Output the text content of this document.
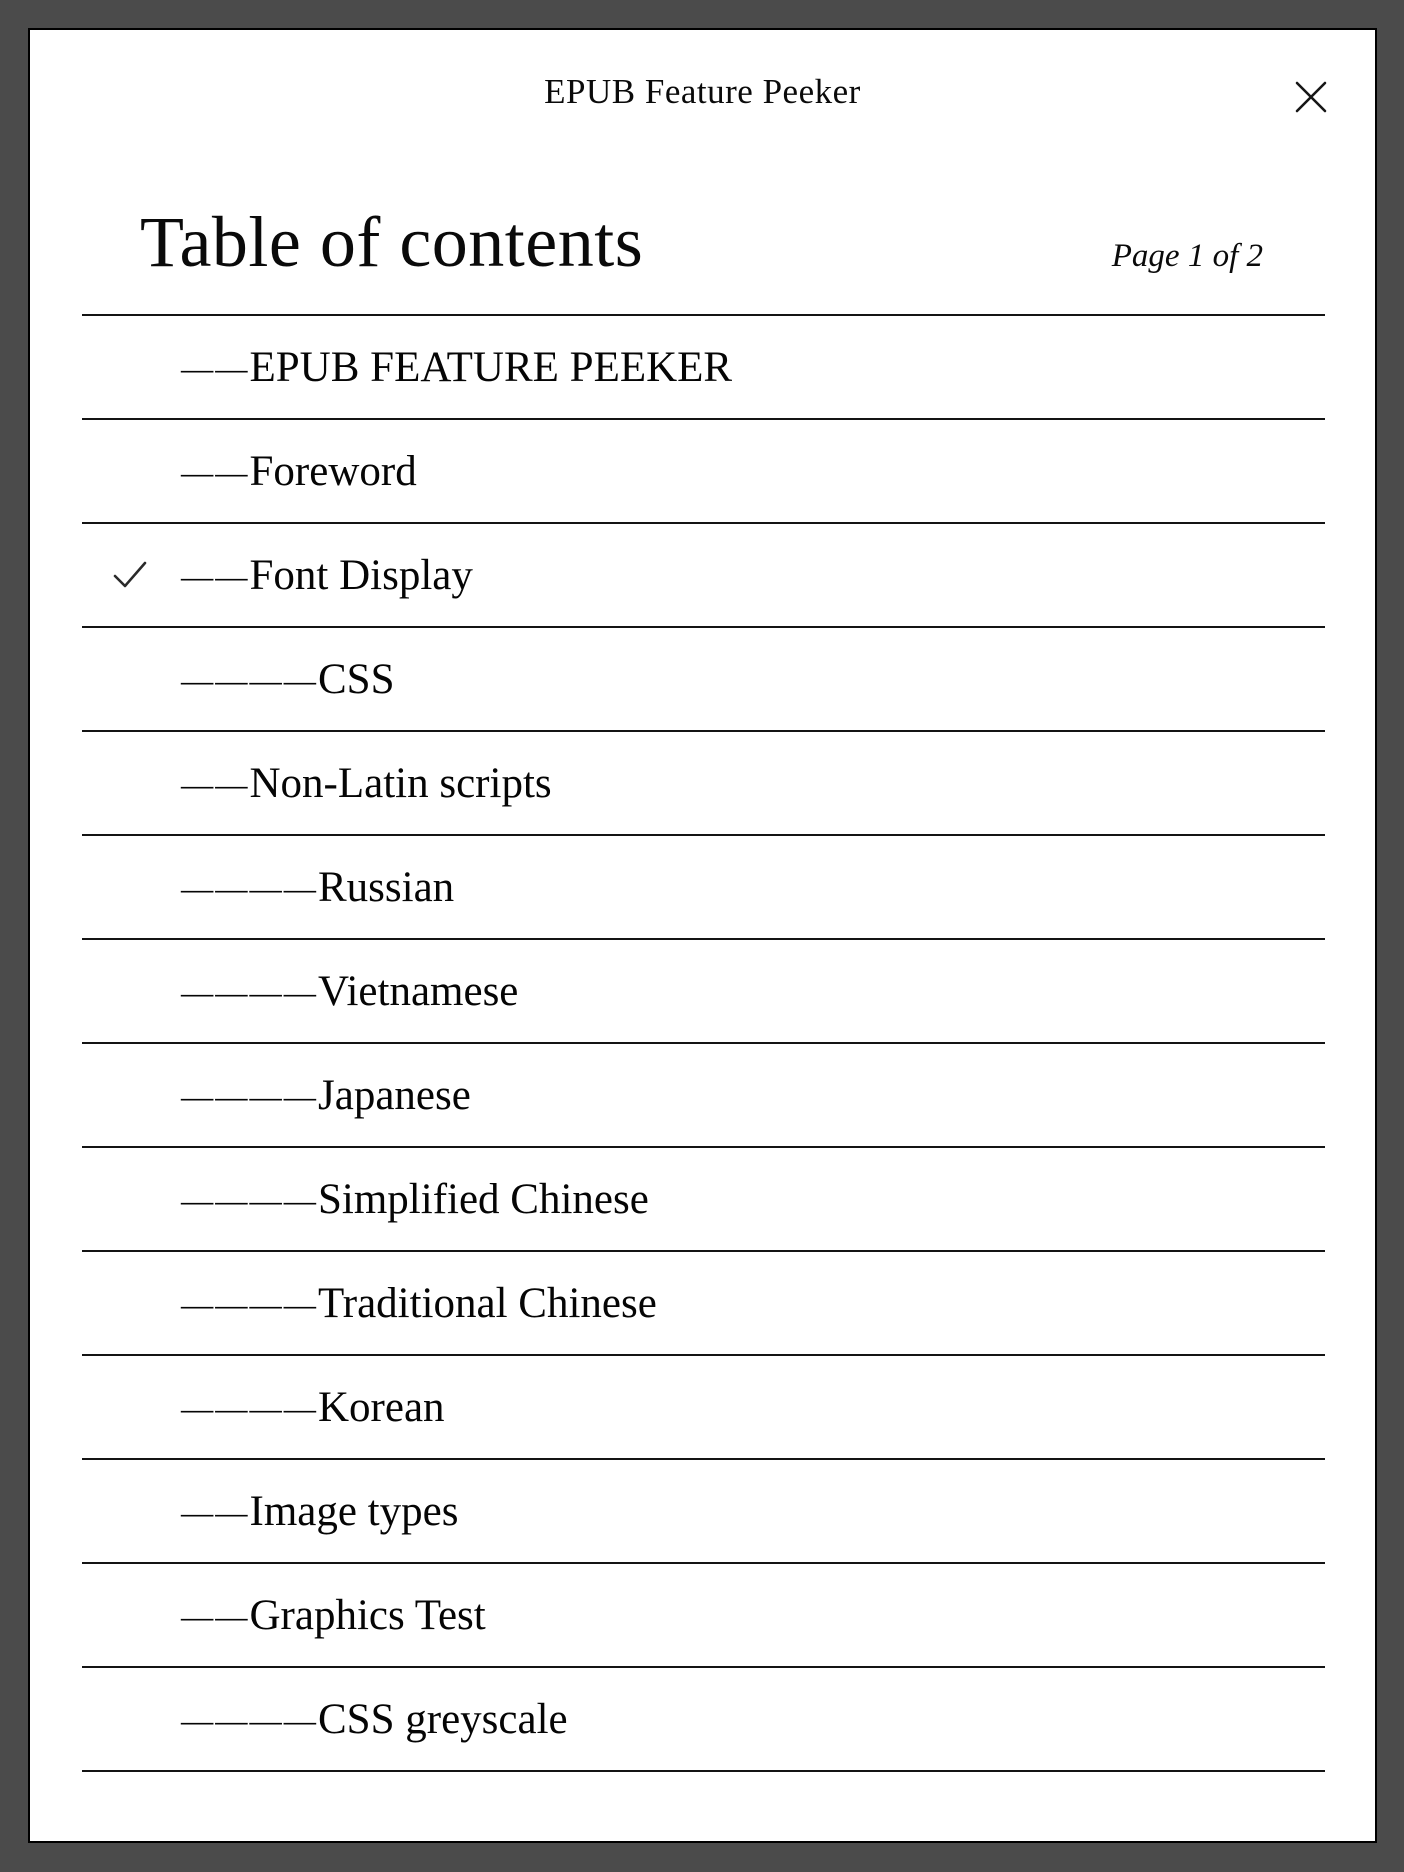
EPUB Feature Peeker
Table of contents	Page 1 of 2
——EPUB FEATURE PEEKER
——Foreword
——Font Display
————CSS
——Non-Latin scripts
————Russian
————Vietnamese
————Japanese
————Simplified Chinese
————Traditional Chinese
————Korean
——Image types
——Graphics Test
————CSS greyscale
